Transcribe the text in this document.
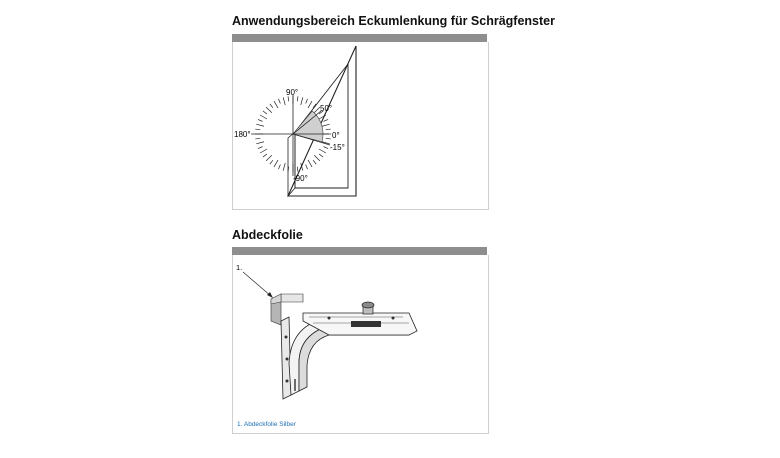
Anwendungsbereich Eckumlenkung für Schrägfenster
90°
50°
180°	0°
-15°
-90°
Abdeckfolie
1.
1. Abdeckfolie Silber
